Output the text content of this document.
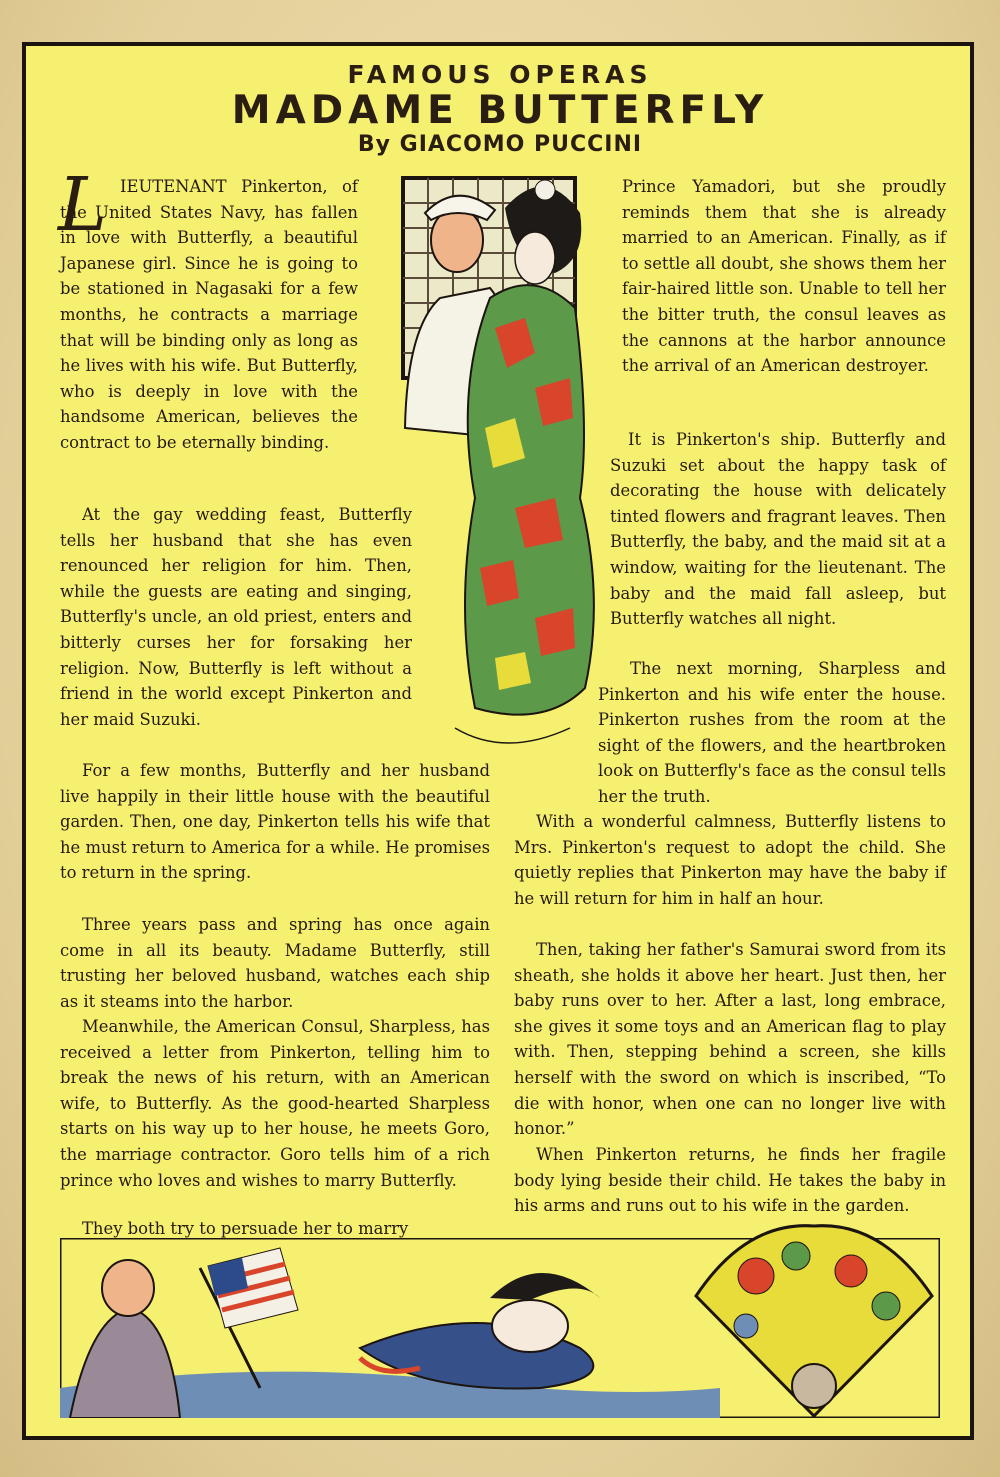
FAMOUS OPERAS
MADAME BUTTERFLY
By GIACOMO PUCCINI
L IEUTENANT Pinkerton, of the United States Navy, has fallen in love with Butterfly, a beautiful Japanese girl. Since he is going to be stationed in Nagasaki for a few months, he contracts a marriage that will be binding only as long as he lives with his wife. But Butterfly, who is deeply in love with the handsome American, believes the contract to be eternally binding.

At the gay wedding feast, Butterfly tells her husband that she has even renounced her religion for him. Then, while the guests are eating and singing, Butterfly's uncle, an old priest, enters and bitterly curses her for forsaking her religion. Now, Butterfly is left without a friend in the world except Pinkerton and her maid Suzuki.

For a few months, Butterfly and her husband live happily in their little house with the beautiful garden. Then, one day, Pinkerton tells his wife that he must return to America for a while. He promises to return in the spring.

Three years pass and spring has once again come in all its beauty. Madame Butterfly, still trusting her beloved husband, watches each ship as it steams into the harbor.

Meanwhile, the American Consul, Sharpless, has received a letter from Pinkerton, telling him to break the news of his return, with an American wife, to Butterfly. As the good-hearted Sharpless starts on his way up to her house, he meets Goro, the marriage contractor. Goro tells him of a rich prince who loves and wishes to marry Butterfly.

They both try to persuade her to marry

Prince Yamadori, but she proudly reminds them that she is already married to an American. Finally, as if to settle all doubt, she shows them her fair-haired little son. Unable to tell her the bitter truth, the consul leaves as the cannons at the harbor announce the arrival of an American destroyer.

It is Pinkerton's ship. Butterfly and Suzuki set about the happy task of decorating the house with delicately tinted flowers and fragrant leaves. Then Butterfly, the baby, and the maid sit at a window, waiting for the lieutenant. The baby and the maid fall asleep, but Butterfly watches all night.

The next morning, Sharpless and Pinkerton and his wife enter the house. Pinkerton rushes from the room at the sight of the flowers, and the heartbroken look on Butterfly's face as the consul tells her the truth.

With a wonderful calmness, Butterfly listens to Mrs. Pinkerton's request to adopt the child. She quietly replies that Pinkerton may have the baby if he will return for him in half an hour.

Then, taking her father's Samurai sword from its sheath, she holds it above her heart. Just then, her baby runs over to her. After a last, long embrace, she gives it some toys and an American flag to play with. Then, stepping behind a screen, she kills herself with the sword on which is inscribed, “To die with honor, when one can no longer live with honor.”

When Pinkerton returns, he finds her fragile body lying beside their child. He takes the baby in his arms and runs out to his wife in the garden.
